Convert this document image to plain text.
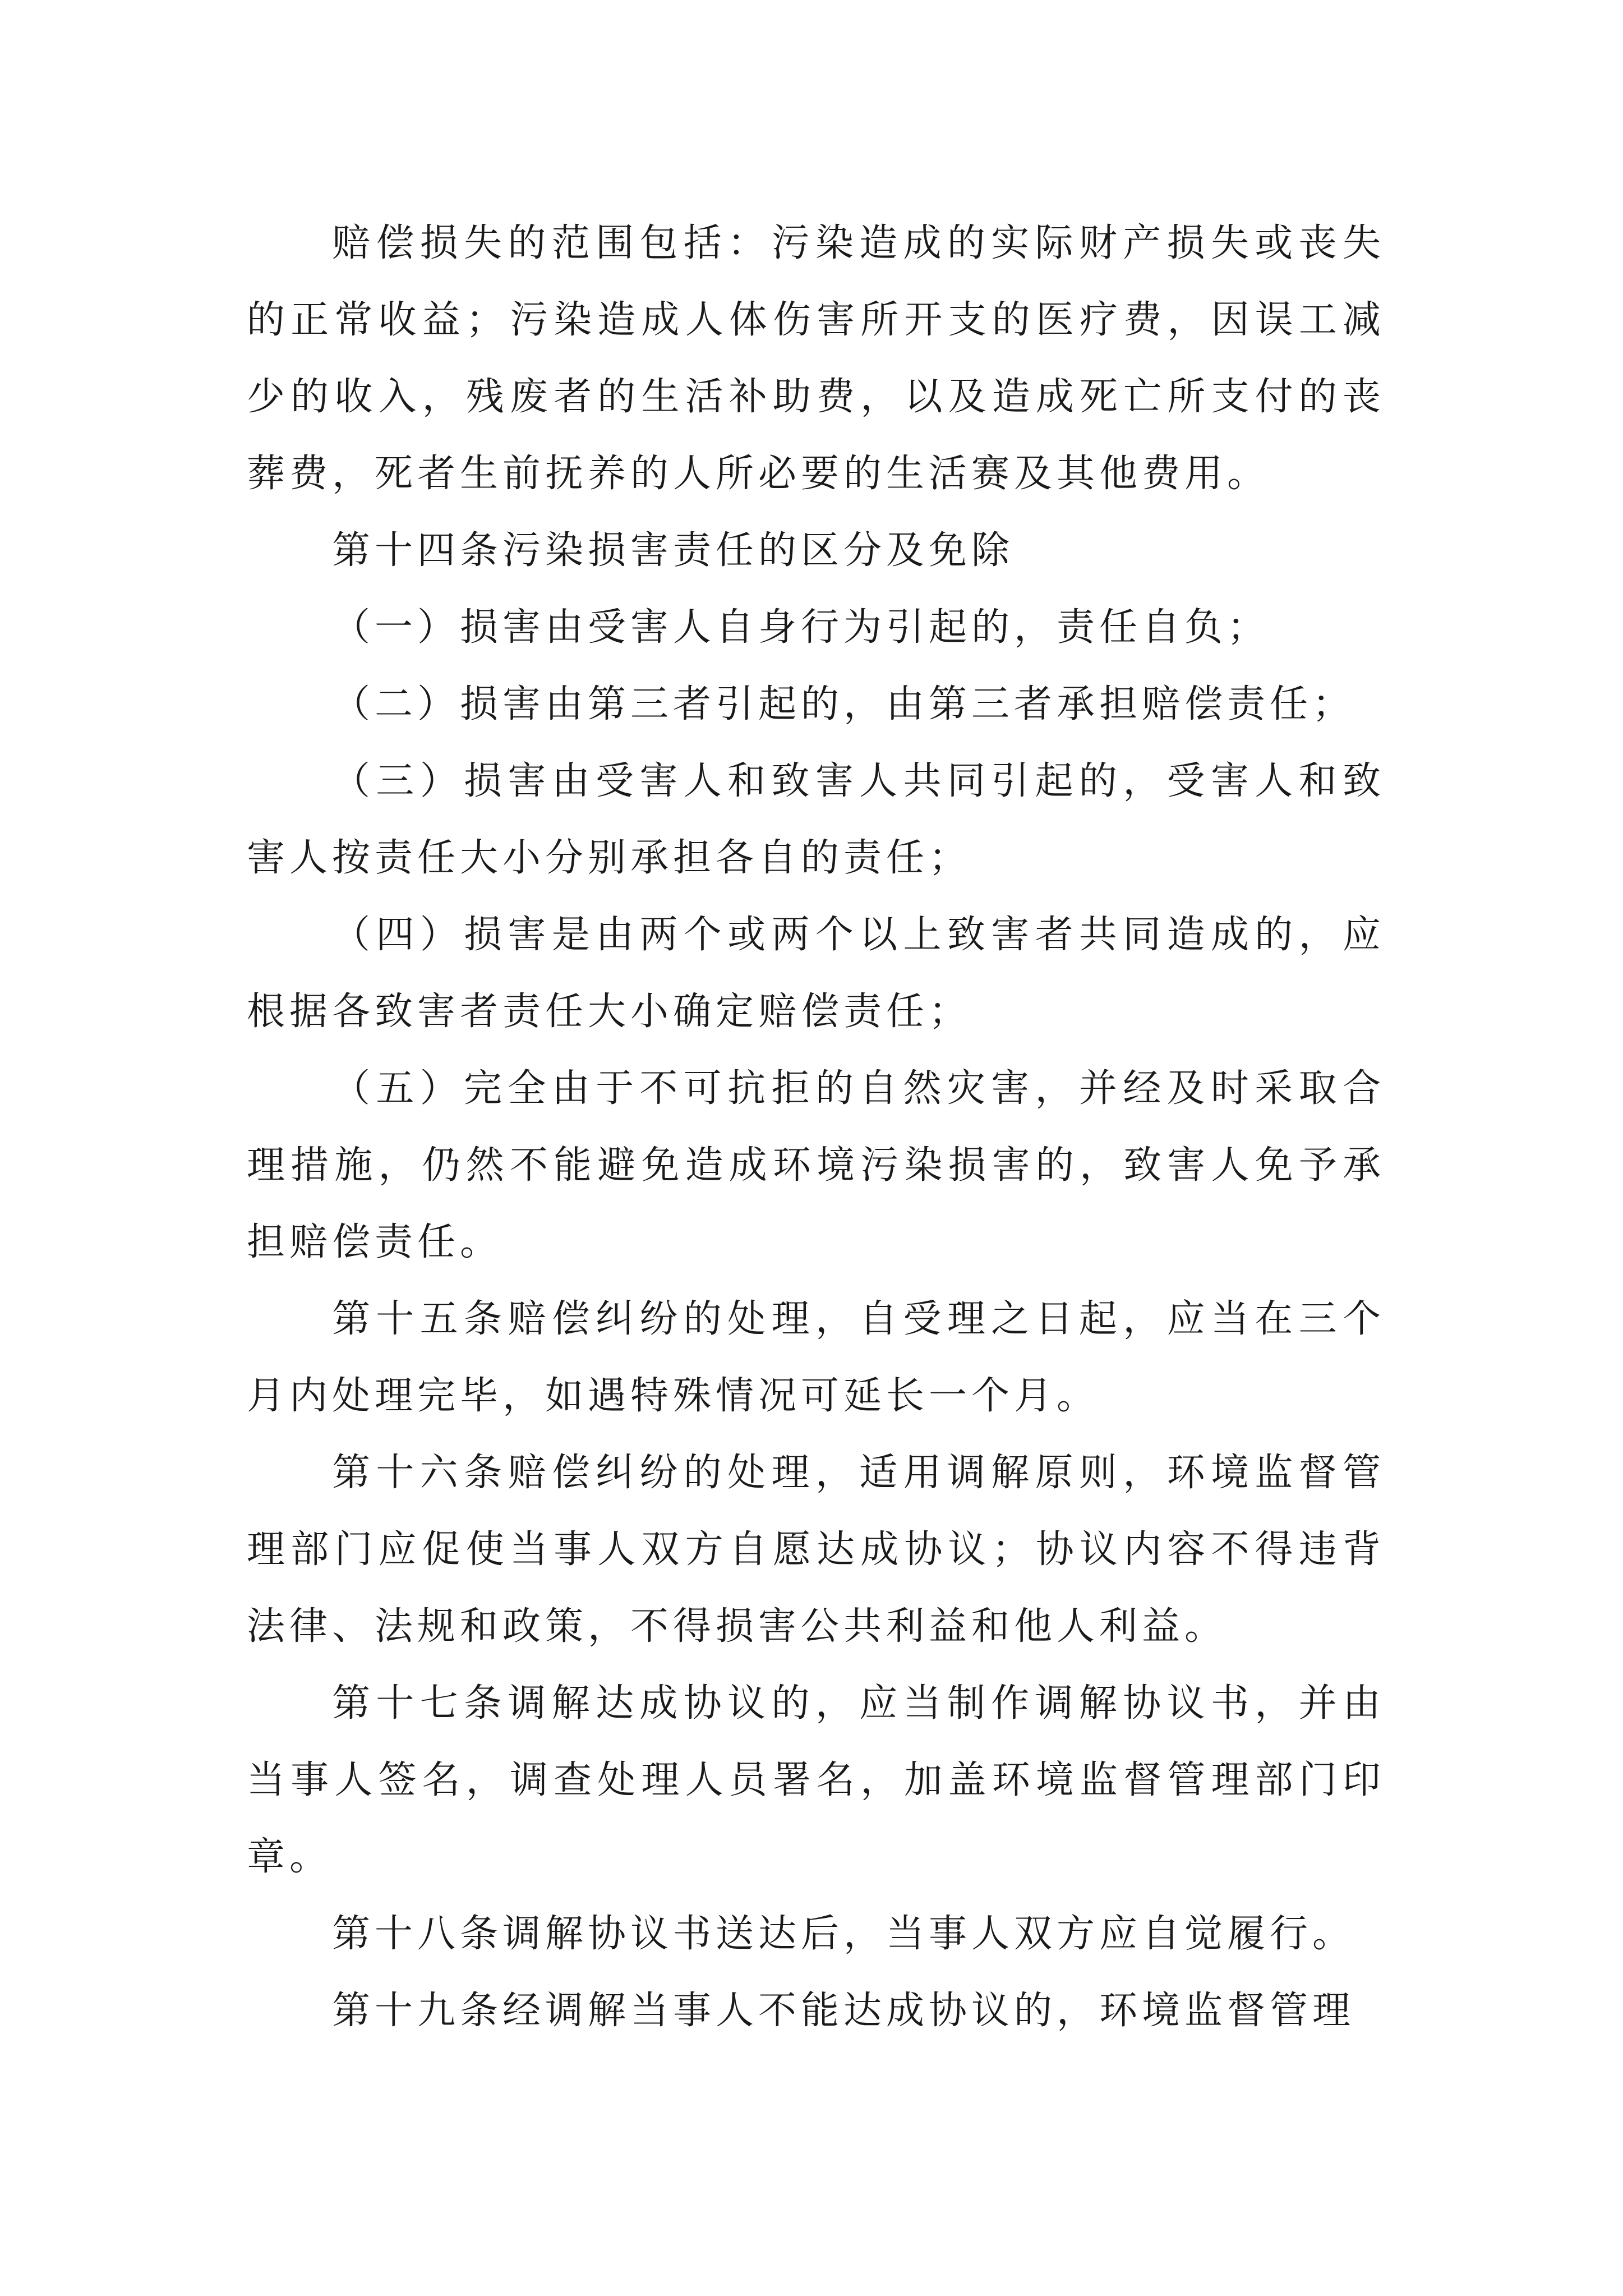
赔偿损失的范围包括：污染造成的实际财产损失或丧失的正常收益；污染造成人体伤害所开支的医疗费，因误工减少的收入，残废者的生活补助费，以及造成死亡所支付的丧葬费，死者生前抚养的人所必要的生活赛及其他费用。

第十四条污染损害责任的区分及免除

（一）损害由受害人自身行为引起的，责任自负；

（二）损害由第三者引起的，由第三者承担赔偿责任；

（三）损害由受害人和致害人共同引起的，受害人和致害人按责任大小分别承担各自的责任；

（四）损害是由两个或两个以上致害者共同造成的，应根据各致害者责任大小确定赔偿责任；

（五）完全由于不可抗拒的自然灾害，并经及时采取合理措施，仍然不能避免造成环境污染损害的，致害人免予承担赔偿责任。

第十五条赔偿纠纷的处理，自受理之日起，应当在三个月内处理完毕，如遇特殊情况可延长一个月。

第十六条赔偿纠纷的处理，适用调解原则，环境监督管理部门应促使当事人双方自愿达成协议；协议内容不得违背法律、法规和政策，不得损害公共利益和他人利益。

第十七条调解达成协议的，应当制作调解协议书，并由当事人签名，调查处理人员署名，加盖环境监督管理部门印章。

第十八条调解协议书送达后，当事人双方应自觉履行。

第十九条经调解当事人不能达成协议的，环境监督管理
